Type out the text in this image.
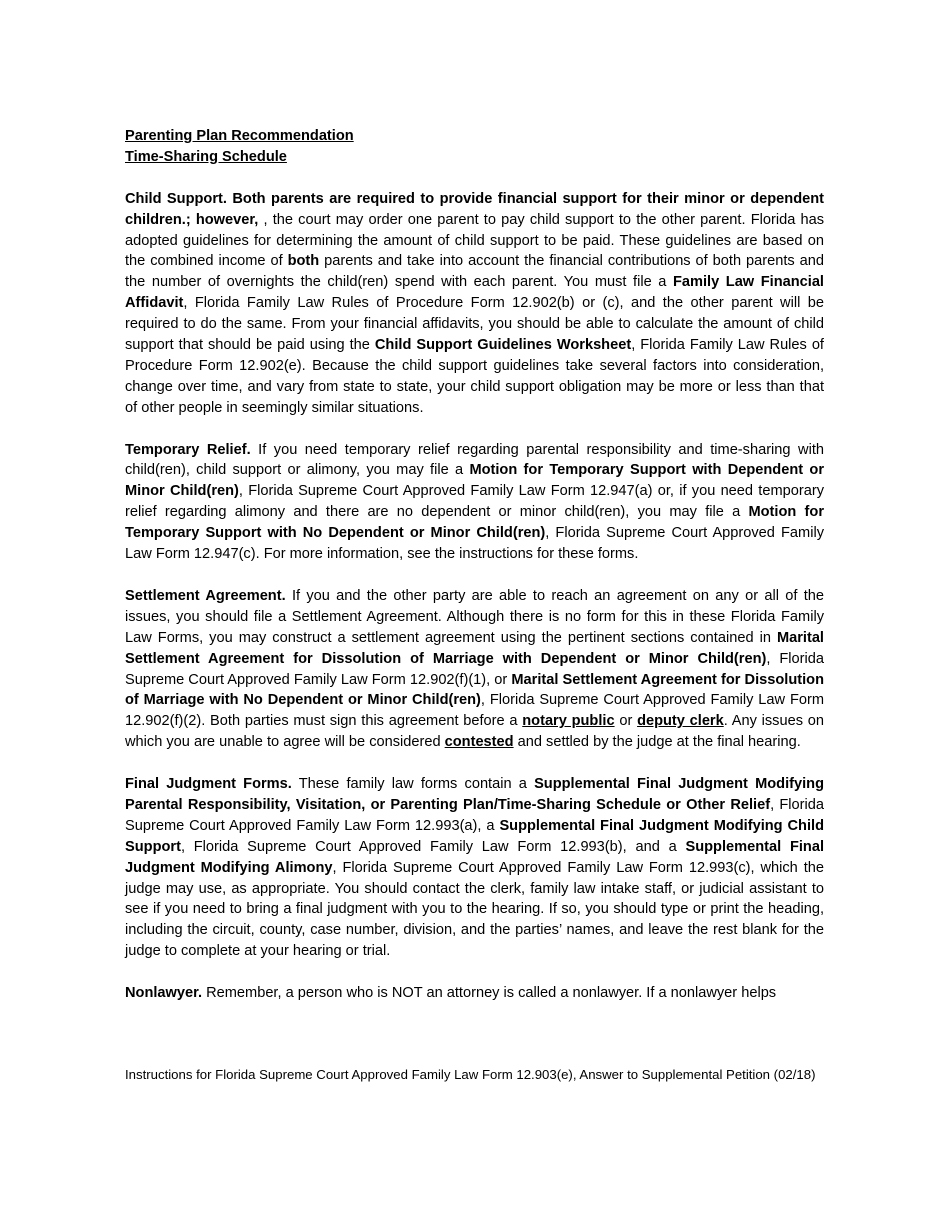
Parenting Plan Recommendation

Time-Sharing Schedule

Child Support. Both parents are required to provide financial support for their minor or dependent children.; however, , the court may order one parent to pay child support to the other parent. Florida has adopted guidelines for determining the amount of child support to be paid. These guidelines are based on the combined income of both parents and take into account the financial contributions of both parents and the number of overnights the child(ren) spend with each parent. You must file a Family Law Financial Affidavit, Florida Family Law Rules of Procedure Form 12.902(b) or (c), and the other parent will be required to do the same. From your financial affidavits, you should be able to calculate the amount of child support that should be paid using the Child Support Guidelines Worksheet, Florida Family Law Rules of Procedure Form 12.902(e). Because the child support guidelines take several factors into consideration, change over time, and vary from state to state, your child support obligation may be more or less than that of other people in seemingly similar situations.

Temporary Relief. If you need temporary relief regarding parental responsibility and time-sharing with child(ren), child support or alimony, you may file a Motion for Temporary Support with Dependent or Minor Child(ren), Florida Supreme Court Approved Family Law Form 12.947(a) or, if you need temporary relief regarding alimony and there are no dependent or minor child(ren), you may file a Motion for Temporary Support with No Dependent or Minor Child(ren), Florida Supreme Court Approved Family Law Form 12.947(c). For more information, see the instructions for these forms.

Settlement Agreement. If you and the other party are able to reach an agreement on any or all of the issues, you should file a Settlement Agreement. Although there is no form for this in these Florida Family Law Forms, you may construct a settlement agreement using the pertinent sections contained in Marital Settlement Agreement for Dissolution of Marriage with Dependent or Minor Child(ren), Florida Supreme Court Approved Family Law Form 12.902(f)(1), or Marital Settlement Agreement for Dissolution of Marriage with No Dependent or Minor Child(ren), Florida Supreme Court Approved Family Law Form 12.902(f)(2). Both parties must sign this agreement before a notary public or deputy clerk. Any issues on which you are unable to agree will be considered contested and settled by the judge at the final hearing.

Final Judgment Forms. These family law forms contain a Supplemental Final Judgment Modifying Parental Responsibility, Visitation, or Parenting Plan/Time-Sharing Schedule or Other Relief, Florida Supreme Court Approved Family Law Form 12.993(a), a Supplemental Final Judgment Modifying Child Support, Florida Supreme Court Approved Family Law Form 12.993(b), and a Supplemental Final Judgment Modifying Alimony, Florida Supreme Court Approved Family Law Form 12.993(c), which the judge may use, as appropriate. You should contact the clerk, family law intake staff, or judicial assistant to see if you need to bring a final judgment with you to the hearing. If so, you should type or print the heading, including the circuit, county, case number, division, and the parties’ names, and leave the rest blank for the judge to complete at your hearing or trial.

Nonlawyer. Remember, a person who is NOT an attorney is called a nonlawyer. If a nonlawyer helps

Instructions for Florida Supreme Court Approved Family Law Form 12.903(e), Answer to Supplemental Petition (02/18)
